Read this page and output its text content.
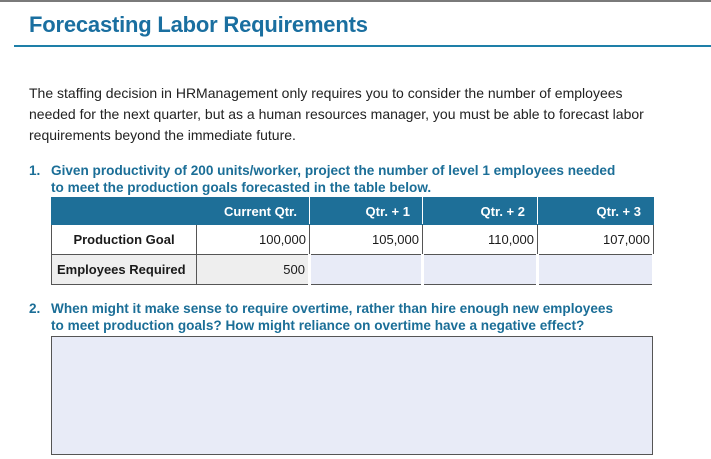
Forecasting Labor Requirements

The staffing decision in HRManagement only requires you to consider the number of employees needed for the next quarter, but as a human resources manager, you must be able to forecast labor requirements beyond the immediate future.

1. Given productivity of 200 units/worker, project the number of level 1 employees needed
to meet the production goals forecasted in the table below.
	Current Qtr.	Qtr. + 1	Qtr. + 2	Qtr. + 3
Production Goal	100,000	105,000	110,000	107,000
Employees Required	500			
2. When might it make sense to require overtime, rather than hire enough new employees
to meet production goals? How might reliance on overtime have a negative effect?
